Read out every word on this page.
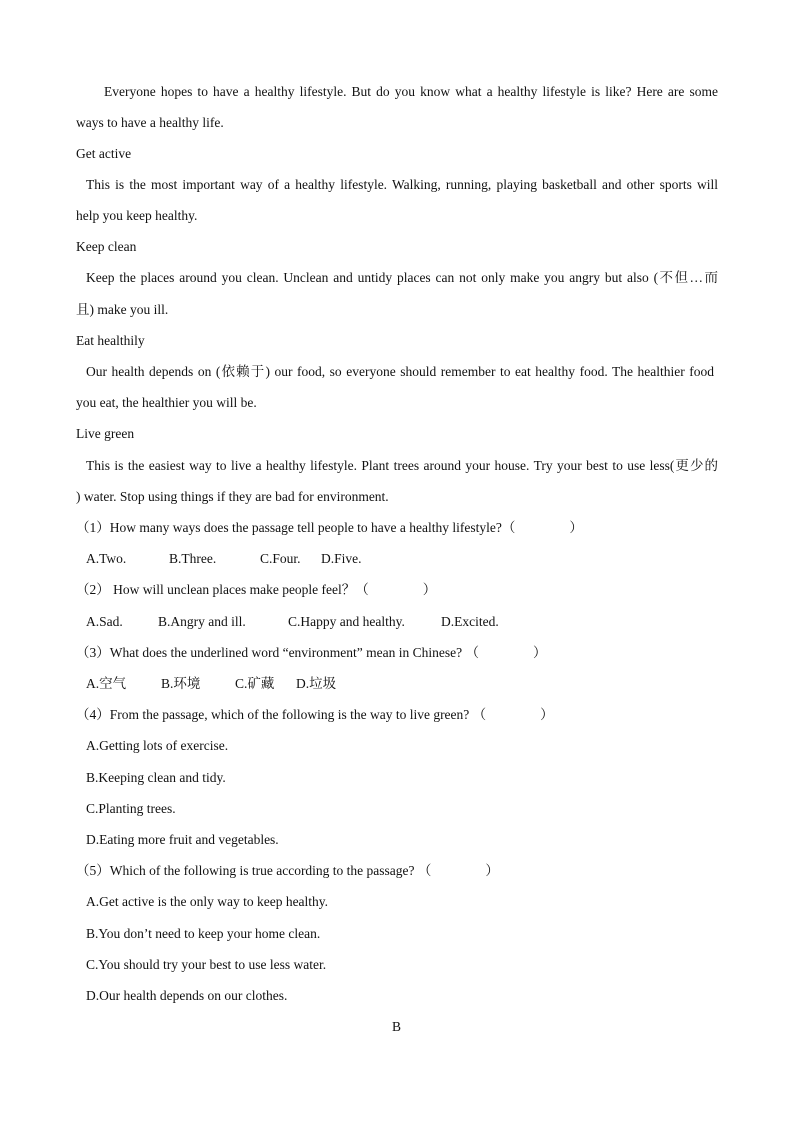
Everyone hopes to have a healthy lifestyle. But do you know what a healthy lifestyle is like? Here are some
ways to have a healthy life.
Get active
This is the most important way of a healthy lifestyle. Walking, running, playing basketball and other sports will
help you keep healthy.
Keep clean
Keep the places around you clean. Unclean and untidy places can not only make you angry but also (不但…而
且) make you ill.
Eat healthily
Our health depends on (依赖于) our food, so everyone should remember to eat healthy food. The healthier food
you eat, the healthier you will be.
Live green
This is the easiest way to live a healthy lifestyle. Plant trees around your house. Try your best to use less(更少的
) water. Stop using things if they are bad for environment.
（1）How many ways does the passage tell people to have a healthy lifestyle?（　　　　）
A.Two.	B.Three.	C.Four. D.Five.
（2） How will unclean places make people feel？（　　　　）
A.Sad.	B.Angry and ill.	C.Happy and healthy.	D.Excited.
（3）What does the underlined word “environment” mean in Chinese? （　　　　）
A.空气	B.环境	C.矿藏 D.垃圾
（4）From the passage, which of the following is the way to live green? （　　　　）
A.Getting lots of exercise.
B.Keeping clean and tidy.
C.Planting trees.
D.Eating more fruit and vegetables.
（5）Which of the following is true according to the passage? （　　　　）
A.Get active is the only way to keep healthy.
B.You don’t need to keep your home clean.
C.You should try your best to use less water.
D.Our health depends on our clothes.
B
